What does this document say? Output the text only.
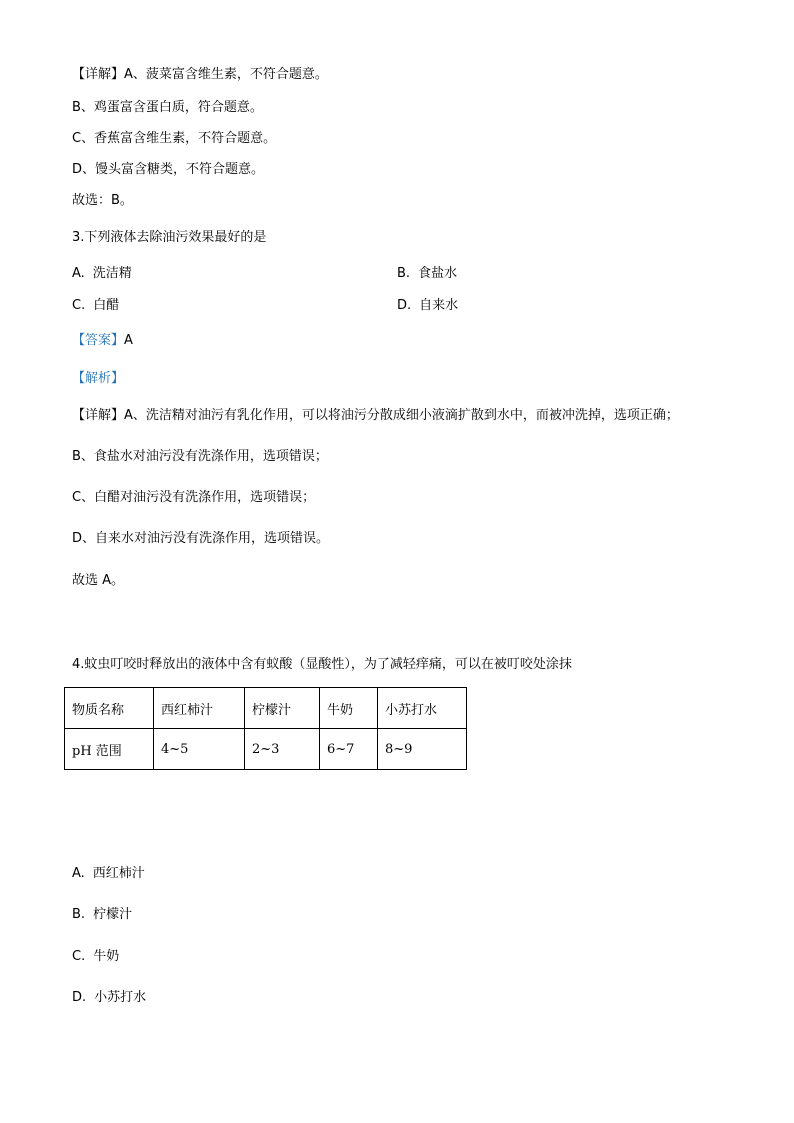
【详解】A、菠菜富含维生素，不符合题意。
B、鸡蛋富含蛋白质，符合题意。
C、香蕉富含维生素，不符合题意。
D、馒头富含糖类，不符合题意。
故选：B。
3.下列液体去除油污效果最好的是
A. 洗洁精	B. 食盐水
C. 白醋	D. 自来水
【答案】A
【解析】
【详解】A、洗洁精对油污有乳化作用，可以将油污分散成细小液滴扩散到水中，而被冲洗掉，选项正确；
B、食盐水对油污没有洗涤作用，选项错误；
C、白醋对油污没有洗涤作用，选项错误；
D、自来水对油污没有洗涤作用，选项错误。
故选 A。
4.蚊虫叮咬时释放出的液体中含有蚁酸（显酸性），为了减轻痒痛，可以在被叮咬处涂抹
物质名称	西红柿汁	柠檬汁	牛奶	小苏打水
pH 范围	4~5	2~3	6~7	8~9
A. 西红柿汁
B. 柠檬汁
C. 牛奶
D. 小苏打水
